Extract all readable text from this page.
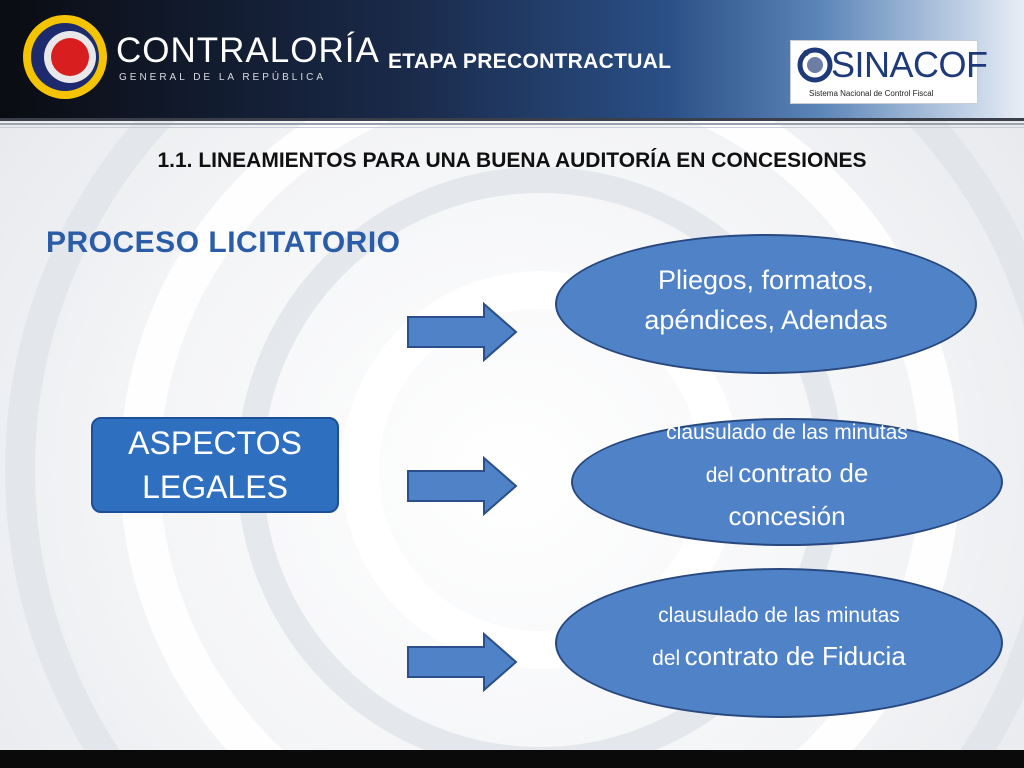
CONTRALORÍA
GENERAL DE LA REPÚBLICA
ETAPA PRECONTRACTUAL	SINACOF
Sistema Nacional de Control Fiscal
1.1. LINEAMIENTOS PARA UNA BUENA AUDITORÍA EN CONCESIONES
PROCESO LICITATORIO
ASPECTOS LEGALES
Pliegos, formatos, apéndices, Adendas
clausulado de las minutas del contrato de concesión
clausulado de las minutas del contrato de Fiducia
